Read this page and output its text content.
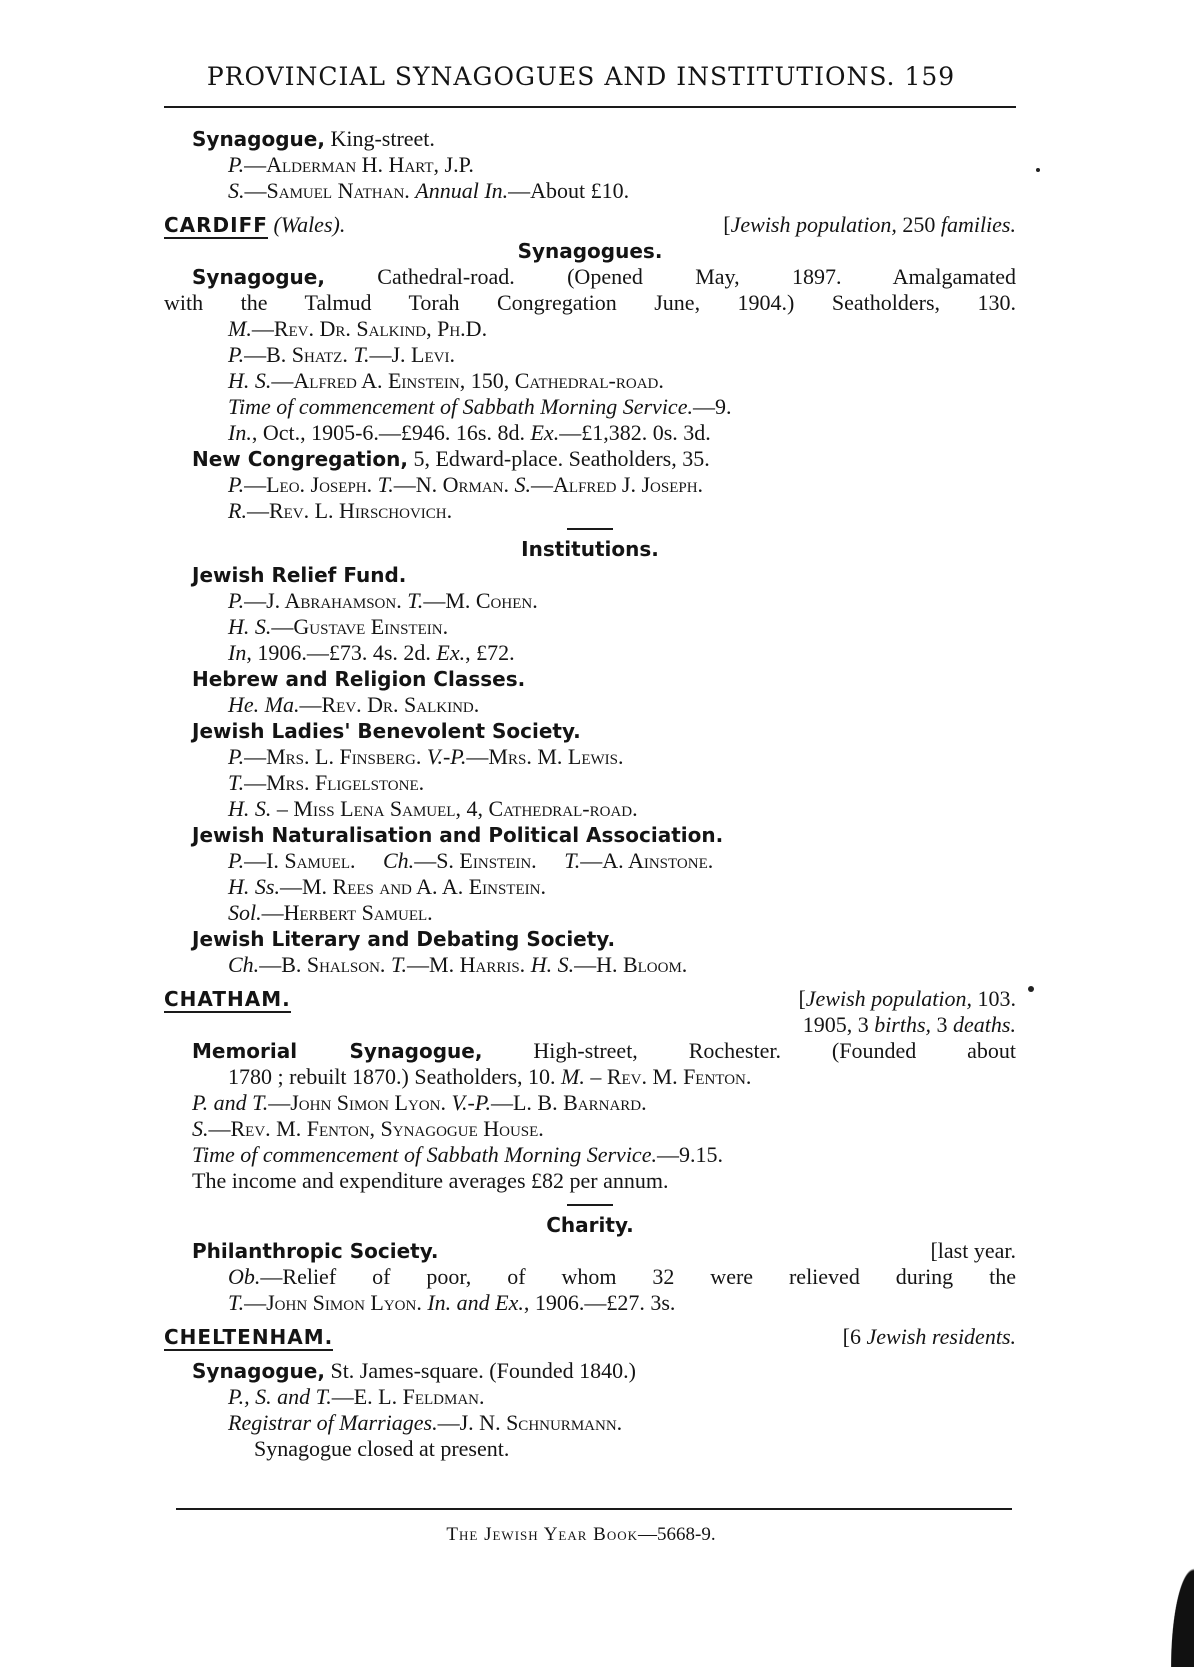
PROVINCIAL SYNAGOGUES AND INSTITUTIONS. 159
Synagogue, King-street.
P.—Alderman H. Hart, J.P.
S.—Samuel Nathan. Annual In.—About £10.
CARDIFF (Wales).	[Jewish population, 250 families.
Synagogues.
Synagogue, Cathedral-road. (Opened May, 1897. Amalgamated
with the Talmud Torah Congregation June, 1904.) Seatholders, 130.
M.—Rev. Dr. Salkind, Ph.D.
P.—B. Shatz. T.—J. Levi.
H. S.—Alfred A. Einstein, 150, Cathedral-road.
Time of commencement of Sabbath Morning Service.—9.
In., Oct., 1905-6.—£946. 16s. 8d. Ex.—£1,382. 0s. 3d.
New Congregation, 5, Edward-place. Seatholders, 35.
P.—Leo. Joseph. T.—N. Orman. S.—Alfred J. Joseph.
R.—Rev. L. Hirschovich.
Institutions.
Jewish Relief Fund.
P.—J. Abrahamson. T.—M. Cohen.
H. S.—Gustave Einstein.
In, 1906.—£73. 4s. 2d. Ex., £72.
Hebrew and Religion Classes.
He. Ma.—Rev. Dr. Salkind.
Jewish Ladies' Benevolent Society.
P.—Mrs. L. Finsberg. V.-P.—Mrs. M. Lewis.
T.—Mrs. Fligelstone.
H. S. – Miss Lena Samuel, 4, Cathedral-road.
Jewish Naturalisation and Political Association.
P.—I. Samuel.     Ch.—S. Einstein.     T.—A. Ainstone.
H. Ss.—M. Rees and A. A. Einstein.
Sol.—Herbert Samuel.
Jewish Literary and Debating Society.
Ch.—B. Shalson. T.—M. Harris. H. S.—H. Bloom.
CHATHAM.	[Jewish population, 103.
1905, 3 births, 3 deaths.
Memorial Synagogue, High-street, Rochester. (Founded about
1780 ; rebuilt 1870.) Seatholders, 10. M. – Rev. M. Fenton.
P. and T.—John Simon Lyon. V.-P.—L. B. Barnard.
S.—Rev. M. Fenton, Synagogue House.
Time of commencement of Sabbath Morning Service.—9.15.
The income and expenditure averages £82 per annum.
Charity.
Philanthropic Society.	[last year.
Ob.—Relief of poor, of whom 32 were relieved during the
T.—John Simon Lyon. In. and Ex., 1906.—£27. 3s.
CHELTENHAM.	[6 Jewish residents.
Synagogue, St. James-square. (Founded 1840.)
P., S. and T.—E. L. Feldman.
Registrar of Marriages.—J. N. Schnurmann.
Synagogue closed at present.
The Jewish Year Book—5668-9.
